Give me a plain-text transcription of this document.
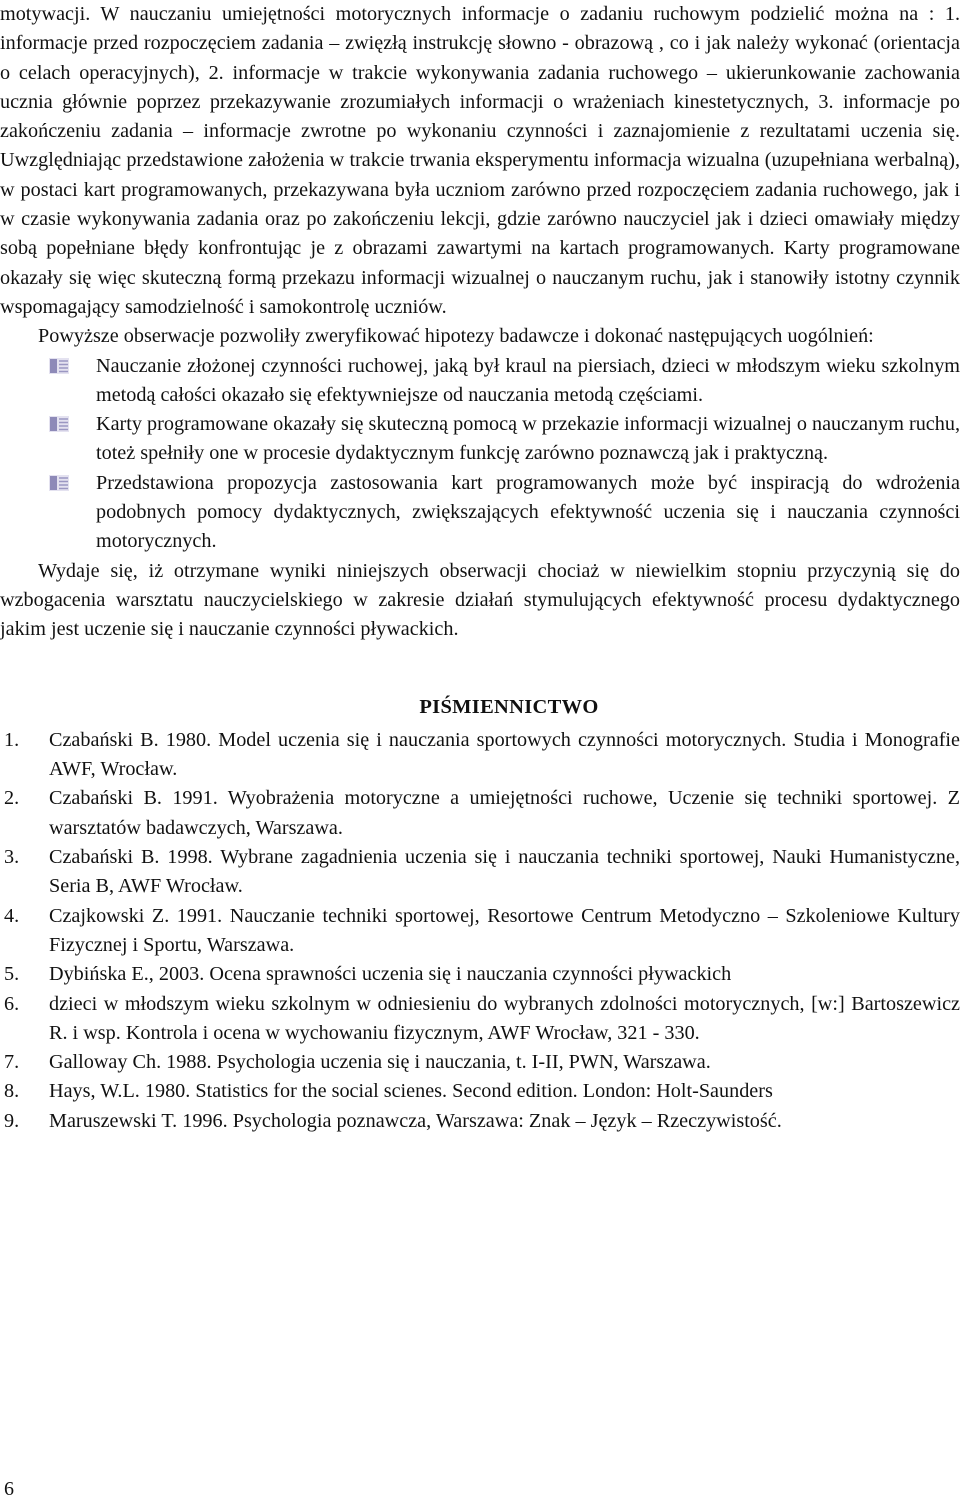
motywacji. W nauczaniu umiejętności motorycznych informacje o zadaniu ruchowym podzielić można na : 1. informacje przed rozpoczęciem zadania – zwięzłą instrukcję słowno - obrazową , co i jak należy wykonać (orientacja o celach operacyjnych), 2. informacje w trakcie wykonywania zadania ruchowego – ukierunkowanie zachowania ucznia głównie poprzez przekazywanie zrozumiałych informacji o wrażeniach kinestetycznych, 3. informacje po zakończeniu zadania – informacje zwrotne po wykonaniu czynności i zaznajomienie z rezultatami uczenia się. Uwzględniając przedstawione założenia w trakcie trwania eksperymentu informacja wizualna (uzupełniana werbalną), w postaci kart programowanych, przekazywana była uczniom zarówno przed rozpoczęciem zadania ruchowego, jak i w czasie wykonywania zadania oraz po zakończeniu lekcji, gdzie zarówno nauczyciel jak i dzieci omawiały między sobą popełniane błędy konfrontując je z obrazami zawartymi na kartach programowanych. Karty programowane okazały się więc skuteczną formą przekazu informacji wizualnej o nauczanym ruchu, jak i stanowiły istotny czynnik wspomagający samodzielność i samokontrolę uczniów.

Powyższe obserwacje pozwoliły zweryfikować hipotezy badawcze i dokonać następujących uogólnień:

Nauczanie złożonej czynności ruchowej, jaką był kraul na piersiach, dzieci w młodszym wieku szkolnym metodą całości okazało się efektywniejsze od nauczania metodą częściami.
Karty programowane okazały się skuteczną pomocą w przekazie informacji wizualnej o nauczanym ruchu, toteż spełniły one w procesie dydaktycznym funkcję zarówno poznawczą jak i praktyczną.
Przedstawiona propozycja zastosowania kart programowanych może być inspiracją do wdrożenia podobnych pomocy dydaktycznych, zwiększających efektywność uczenia się i nauczania czynności motorycznych.

Wydaje się, iż otrzymane wyniki niniejszych obserwacji chociaż w niewielkim stopniu przyczynią się do wzbogacenia warsztatu nauczycielskiego w zakresie działań stymulujących efektywność procesu dydaktycznego jakim jest uczenie się i nauczanie czynności pływackich.

PIŚMIENNICTWO
1. Czabański B. 1980. Model uczenia się i nauczania sportowych czynności motorycznych. Studia i Monografie AWF, Wrocław.
2. Czabański B. 1991. Wyobrażenia motoryczne a umiejętności ruchowe, Uczenie się techniki sportowej. Z warsztatów badawczych, Warszawa.
3. Czabański B. 1998. Wybrane zagadnienia uczenia się i nauczania techniki sportowej, Nauki Humanistyczne, Seria B, AWF Wrocław.
4. Czajkowski Z. 1991. Nauczanie techniki sportowej, Resortowe Centrum Metodyczno – Szkoleniowe Kultury Fizycznej i Sportu, Warszawa.
5. Dybińska E., 2003. Ocena sprawności uczenia się i nauczania czynności pływackich
6. dzieci w młodszym wieku szkolnym w odniesieniu do wybranych zdolności motorycznych, [w:] Bartoszewicz R. i wsp. Kontrola i ocena w wychowaniu fizycznym, AWF Wrocław, 321 - 330.
7. Galloway Ch. 1988. Psychologia uczenia się i nauczania, t. I-II, PWN, Warszawa.
8. Hays, W.L. 1980. Statistics for the social scienes. Second edition. London: Holt-Saunders
9. Maruszewski T. 1996. Psychologia poznawcza, Warszawa: Znak – Język – Rzeczywistość.
6
